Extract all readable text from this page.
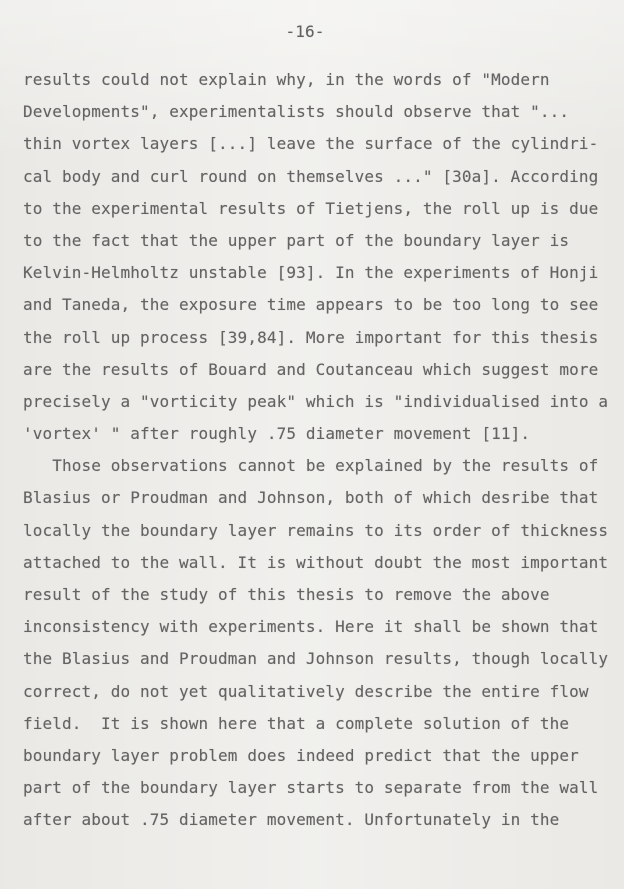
-16-
results could not explain why, in the words of "Modern
Developments", experimentalists should observe that "...
thin vortex layers [...] leave the surface of the cylindri-
cal body and curl round on themselves ..." [30a]. According
to the experimental results of Tietjens, the roll up is due
to the fact that the upper part of the boundary layer is
Kelvin-Helmholtz unstable [93]. In the experiments of Honji
and Taneda, the exposure time appears to be too long to see
the roll up process [39,84]. More important for this thesis
are the results of Bouard and Coutanceau which suggest more
precisely a "vorticity peak" which is "individualised into a
'vortex' " after roughly .75 diameter movement [11].
Those observations cannot be explained by the results of
Blasius or Proudman and Johnson, both of which desribe that
locally the boundary layer remains to its order of thickness
attached to the wall. It is without doubt the most important
result of the study of this thesis to remove the above
inconsistency with experiments. Here it shall be shown that
the Blasius and Proudman and Johnson results, though locally
correct, do not yet qualitatively describe the entire flow
field.  It is shown here that a complete solution of the
boundary layer problem does indeed predict that the upper
part of the boundary layer starts to separate from the wall
after about .75 diameter movement. Unfortunately in the
